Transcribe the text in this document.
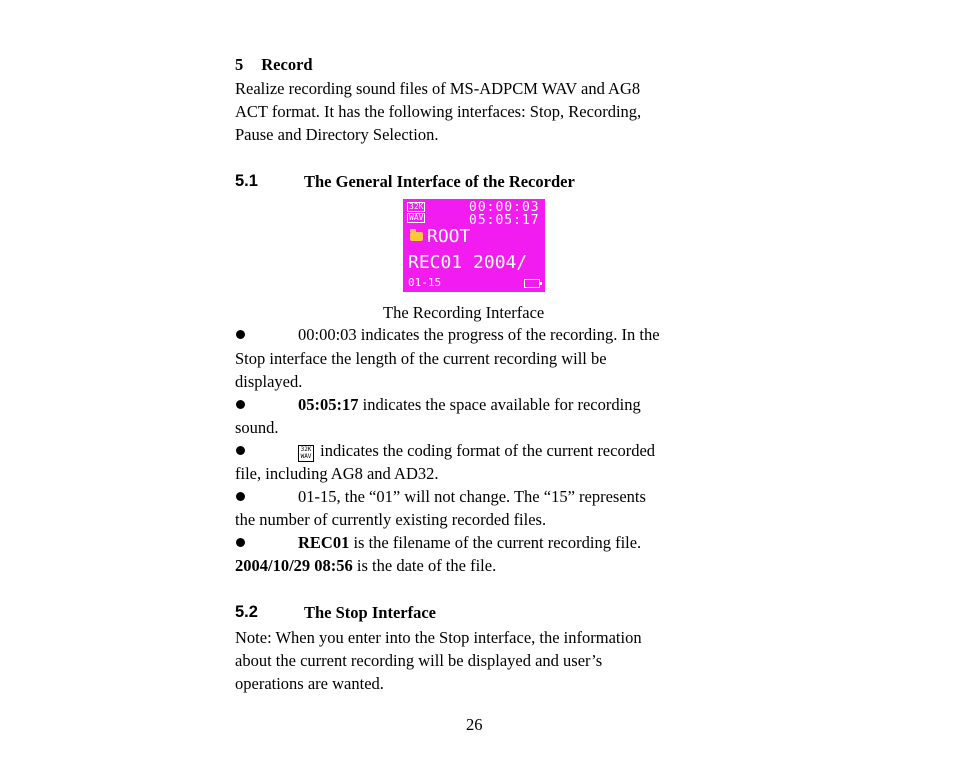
5 Record
Realize recording sound files of MS-ADPCM WAV and AG8
ACT format. It has the following interfaces: Stop, Recording,
Pause and Directory Selection.
5.1	The General Interface of the Recorder
32K
WAV
00:00:03
05:05:17
ROOT
REC01 2004/
01-15
The Recording Interface
00:00:03 indicates the progress of the recording. In the
Stop interface the length of the current recording will be
displayed.
05:05:17 indicates the space available for recording
sound.
32K
WAV indicates the coding format of the current recorded
file, including AG8 and AD32.
01-15, the “01” will not change. The “15” represents
the number of currently existing recorded files.
REC01 is the filename of the current recording file.
2004/10/29 08:56 is the date of the file.
5.2	The Stop Interface
Note: When you enter into the Stop interface, the information
about the current recording will be displayed and user’s
operations are wanted.
26
